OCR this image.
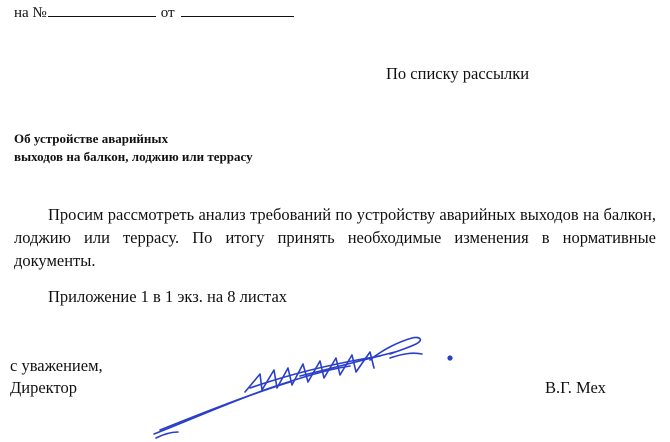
на №	от
По списку рассылки
Об устройстве аварийных
выходов на балкон, лоджию или террасу
Просим рассмотреть анализ требований по устройству аварийных выходов на балкон, лоджию или террасу. По итогу принять необходимые изменения в нормативные документы.
Приложение 1 в 1 экз. на 8 листах
с уважением,
Директор	В.Г. Мех
